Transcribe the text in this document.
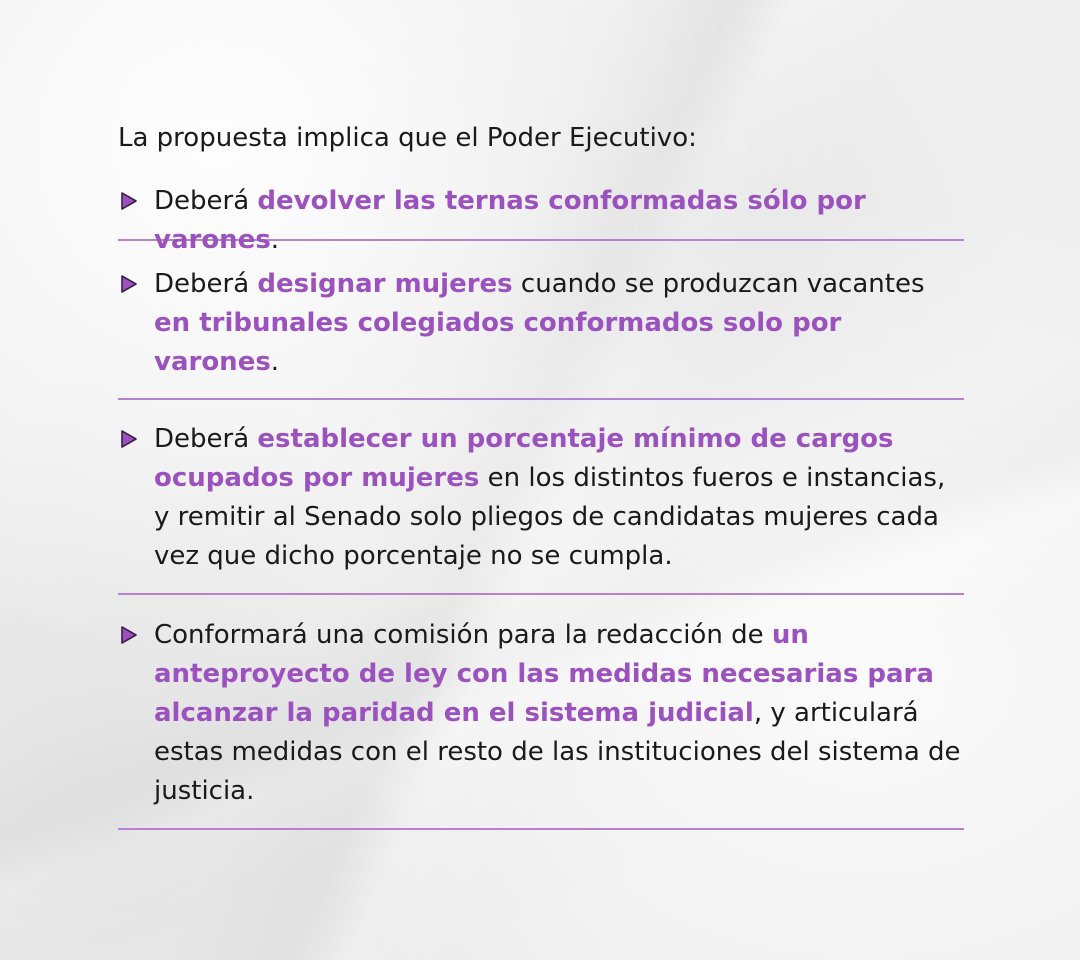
La propuesta implica que el Poder Ejecutivo:

Deberá devolver las ternas conformadas sólo por varones.

Deberá designar mujeres cuando se produzcan vacantes en tribunales colegiados conformados solo por varones.

Deberá establecer un porcentaje mínimo de cargos ocupados por mujeres en los distintos fueros e instancias, y remitir al Senado solo pliegos de candidatas mujeres cada vez que dicho porcentaje no se cumpla.

Conformará una comisión para la redacción de un anteproyecto de ley con las medidas necesarias para alcanzar la paridad en el sistema judicial, y articulará estas medidas con el resto de las instituciones del sistema de justicia.
